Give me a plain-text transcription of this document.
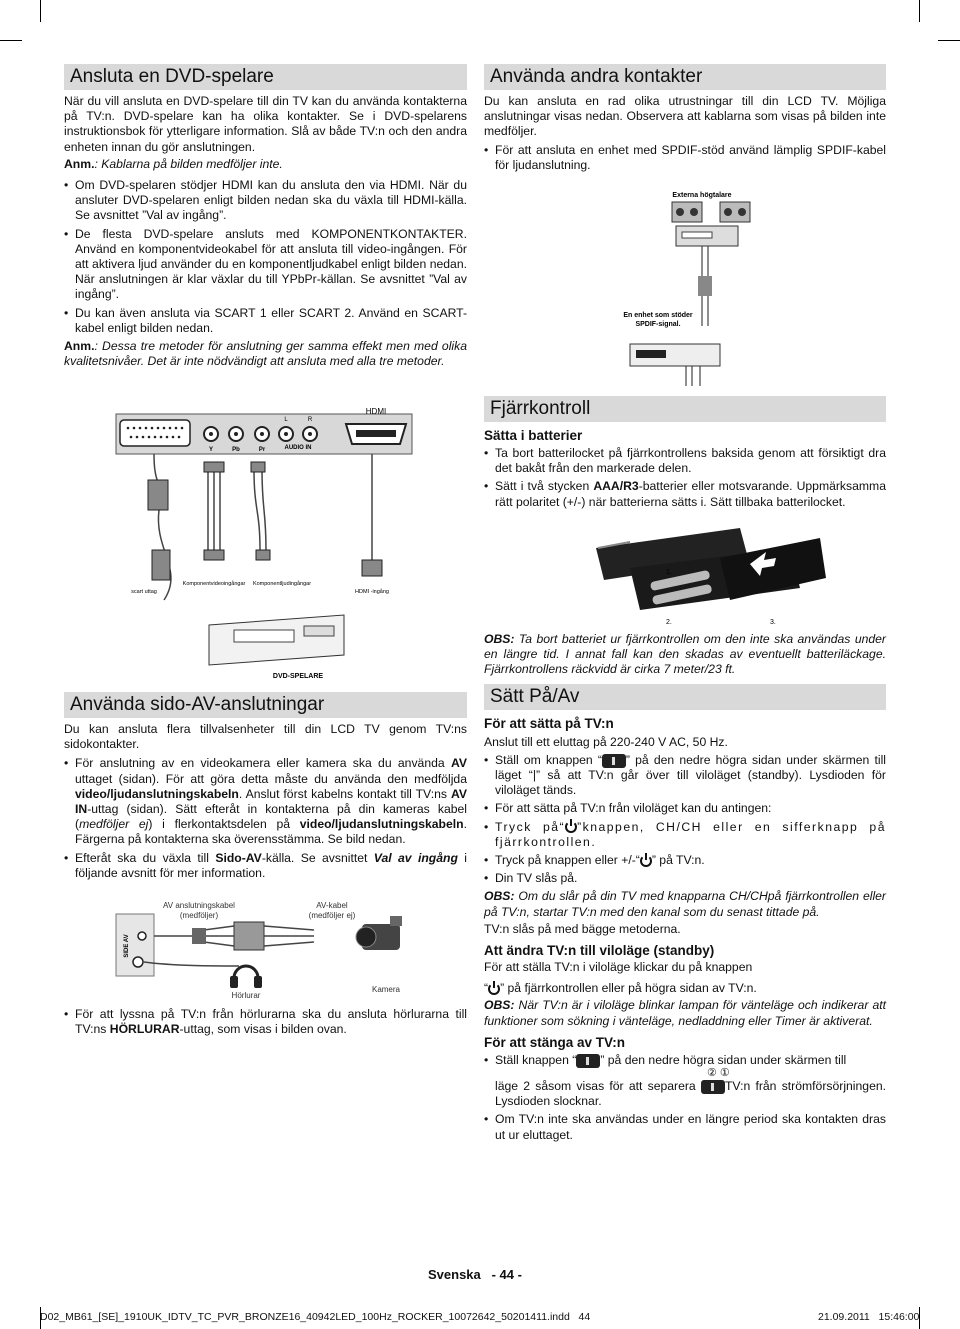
Ansluta en DVD-spelare

När du vill ansluta en DVD-spelare till din TV kan du använda kontakterna på TV:n. DVD-spelare kan ha olika kontakter. Se i DVD-spelarens instruktionsbok för ytterligare information. Slå av både TV:n och den andra enheten innan du gör anslutningen.

Anm.: Kablarna på bilden medföljer inte.

• Om DVD-spelaren stödjer HDMI kan du ansluta den via HDMI. När du ansluter DVD-spelaren enligt bilden nedan ska du växla till HDMI-källa. Se avsnittet ”Val av ingång”.
• De flesta DVD-spelare ansluts med KOMPONENTKONTAKTER. Använd en komponentvideokabel för att ansluta till video-ingången. För att aktivera ljud använder du en komponentljudkabel enligt bilden nedan. När anslutningen är klar växlar du till YPbPr-källan. Se avsnittet ”Val av ingång”.
• Du kan även ansluta via SCART 1 eller SCART 2. Använd en SCART-kabel enligt bilden nedan.

Anm.: Dessa tre metoder för anslutning ger samma effekt men med olika kvalitetsnivåer. Det är inte nödvändigt att ansluta med alla tre metoder.

HDMI
L	R
Y	Pb	Pr	AUDIO IN
scart uttag
Komponentvideoingångar Komponentljudingångar
HDMI -ingång
DVD-SPELARE
Använda sido-AV-anslutningar

Du kan ansluta flera tillvalsenheter till din LCD TV genom TV:ns sidokontakter.

• För anslutning av en videokamera eller kamera ska du använda AV uttaget (sidan). För att göra detta måste du använda den medföljda video/ljudanslutningskabeln. Anslut först kabelns kontakt till TV:ns AV IN-uttag (sidan). Sätt efteråt in kontakterna på din kameras kabel (medföljer ej) i flerkontaktsdelen på video/ljudanslutningskabeln. Färgerna på kontakterna ska överensstämma. Se bild nedan.
• Efteråt ska du växla till Sido-AV-källa. Se avsnittet Val av ingång i följande avsnitt för mer information.
SIDE AV
AV anslutningskabel
(medföljer)
AV-kabel
(medföljer ej)
Hörlurar
Kamera
• För att lyssna på TV:n från hörlurarna ska du ansluta hörlurarna till TV:ns HÖRLURAR-uttag, som visas i bilden ovan.
Använda andra kontakter

Du kan ansluta en rad olika utrustningar till din LCD TV. Möjliga anslutningar visas nedan. Observera att kablarna som visas på bilden inte medföljer.

• För att ansluta en enhet med SPDIF-stöd använd lämplig SPDIF-kabel för ljudanslutning.
Externa högtalare
En enhet som stöder
SPDIF-signal.
Fjärrkontroll
Sätta i batterier
• Ta bort batterilocket på fjärrkontrollens baksida genom att försiktigt dra det bakåt från den markerade delen.
• Sätt i två stycken AAA/R3-batterier eller motsvarande. Uppmärksamma rätt polaritet (+/-) när batterierna sätts i. Sätt tillbaka batterilocket.
1.
2.	3.

OBS: Ta bort batteriet ur fjärrkontrollen om den inte ska användas under en längre tid. I annat fall kan den skadas av eventuellt batteriläckage. Fjärrkontrollens räckvidd är cirka 7 meter/23 ft.

Sätt På/Av
För att sätta på TV:n

Anslut till ett eluttag på 220-240 V AC, 50 Hz.

• Ställ om knappen “ ” på den nedre högra sidan under skärmen till läget “|” så att TV:n går över till viloläget (standby). Lysdioden för viloläget tänds.
• För att sätta på TV:n från viloläget kan du antingen:
• Tryck på“ ”knappen, CH/CH eller en sifferknapp på fjärrkontrollen.
• Tryck på knappen eller +/-“ ” på TV:n.
• Din TV slås på.

OBS: Om du slår på din TV med knapparna CH/CHpå fjärrkontrollen eller på TV:n, startar TV:n med den kanal som du senast tittade på.

TV:n slås på med bägge metoderna.

Att ändra TV:n till viloläge (standby)

För att ställa TV:n i viloläge klickar du på knappen

“ ” på fjärrkontrollen eller på högra sidan av TV:n.

OBS: När TV:n är i viloläge blinkar lampan för vänteläge och indikerar att funktioner som sökning i vänteläge, nedladdning eller Timer är aktiverat.

För att stänga av TV:n
• Ställ knappen “ ” på den nedre högra sidan under skärmen till

② ①
läge 2 såsom visas för att separera TV:n från strömförsörjningen. Lysdioden slocknar.
• Om TV:n inte ska användas under en längre period ska kontakten dras ut ur eluttaget.
Svenska   - 44 -
D02_MB61_[SE]_1910UK_IDTV_TC_PVR_BRONZE16_40942LED_100Hz_ROCKER_10072642_50201411.indd   44	21.09.2011   15:46:00
